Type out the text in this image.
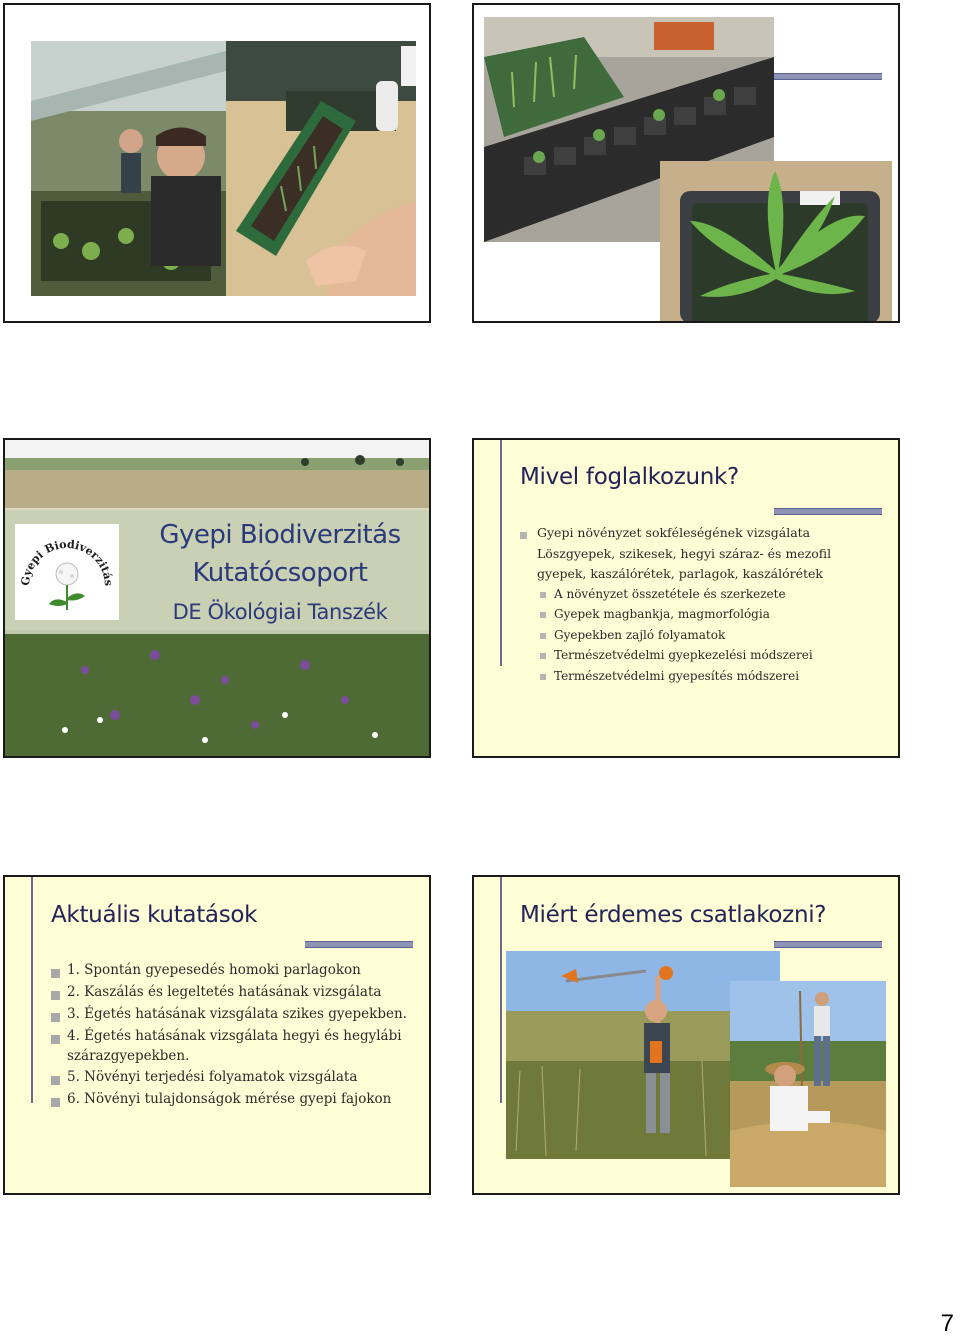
Gyepi Biodiverzitás
Gyepi Biodiverzitás
Kutatócsoport
DE Ökológiai Tanszék
Mivel foglalkozunk?
Gyepi növényzet sokféleségének vizsgálata
Löszgyepek, szikesek, hegyi száraz- és mezofil
gyepek, kaszálórétek, parlagok, kaszálórétek
A növényzet összetétele és szerkezete
Gyepek magbankja, magmorfológia
Gyepekben zajló folyamatok
Természetvédelmi gyepkezelési módszerei
Természetvédelmi gyepesítés módszerei
Aktuális kutatások
1. Spontán gyepesedés homoki parlagokon
2. Kaszálás és legeltetés hatásának vizsgálata
3. Égetés hatásának vizsgálata szikes gyepekben.
4. Égetés hatásának vizsgálata hegyi és hegylábi
szárazgyepekben.
5. Növényi terjedési folyamatok vizsgálata
6. Növényi tulajdonságok mérése gyepi fajokon
Miért érdemes csatlakozni?
7
